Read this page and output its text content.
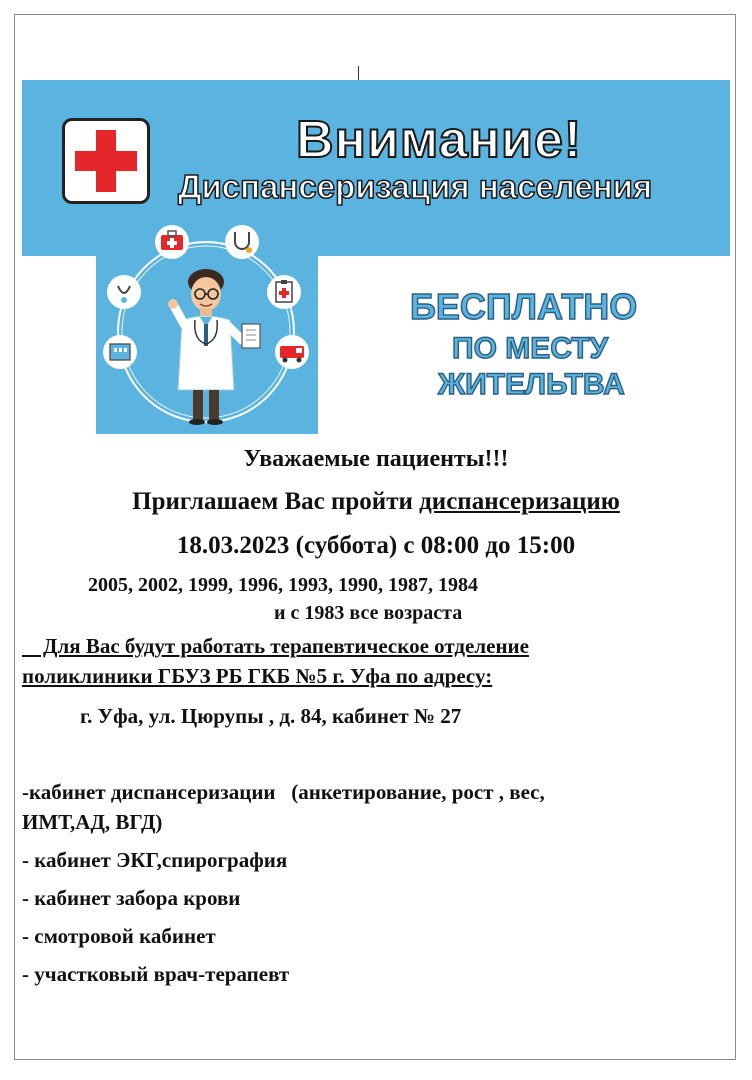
Внимание!
Диспансеризация населения
БЕСПЛАТНО
ПО МЕСТУ
ЖИТЕЛЬТВА
Уважаемые пациенты!!!
Приглашаем Вас пройти диспансеризацию
18.03.2023 (суббота) с 08:00 до 15:00
2005, 2002, 1999, 1996, 1993, 1990, 1987, 1984
и с 1983 все возраста
Для Вас будут работать терапевтическое отделение
поликлиники ГБУЗ РБ ГКБ №5 г. Уфа по адресу:
г. Уфа, ул. Цюрупы , д. 84, кабинет № 27
-кабинет диспансеризации   (анкетирование, рост , вес,
ИМТ,АД, ВГД)
- кабинет ЭКГ,спирография
- кабинет забора крови
- смотровой кабинет
- участковый врач-терапевт
